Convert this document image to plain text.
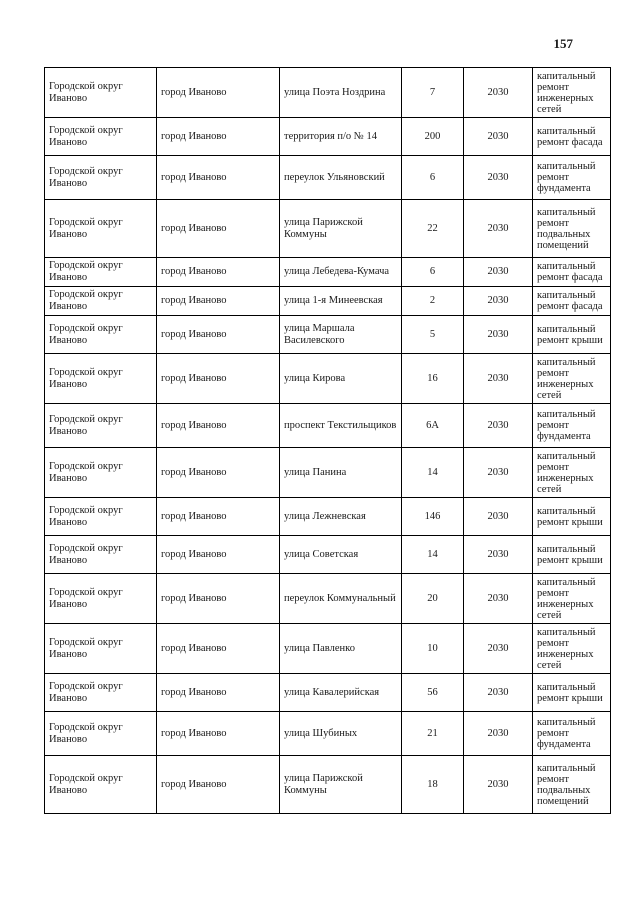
157
Городской округ Иваново	город Иваново	улица Поэта Ноздрина	7	2030	капитальный ремонт инженерных сетей
Городской округ Иваново	город Иваново	территория п/о № 14	200	2030	капитальный ремонт фасада
Городской округ Иваново	город Иваново	переулок Ульяновский	6	2030	капитальный ремонт фундамента
Городской округ Иваново	город Иваново	улица Парижской Коммуны	22	2030	капитальный ремонт подвальных помещений
Городской округ Иваново	город Иваново	улица Лебедева-Кумача	6	2030	капитальный ремонт фасада
Городской округ Иваново	город Иваново	улица 1-я Минеевская	2	2030	капитальный ремонт фасада
Городской округ Иваново	город Иваново	улица Маршала Василевского	5	2030	капитальный ремонт крыши
Городской округ Иваново	город Иваново	улица Кирова	16	2030	капитальный ремонт инженерных сетей
Городской округ Иваново	город Иваново	проспект Текстильщиков	6А	2030	капитальный ремонт фундамента
Городской округ Иваново	город Иваново	улица Панина	14	2030	капитальный ремонт инженерных сетей
Городской округ Иваново	город Иваново	улица Лежневская	146	2030	капитальный ремонт крыши
Городской округ Иваново	город Иваново	улица Советская	14	2030	капитальный ремонт крыши
Городской округ Иваново	город Иваново	переулок Коммунальный	20	2030	капитальный ремонт инженерных сетей
Городской округ Иваново	город Иваново	улица Павленко	10	2030	капитальный ремонт инженерных сетей
Городской округ Иваново	город Иваново	улица Кавалерийская	56	2030	капитальный ремонт крыши
Городской округ Иваново	город Иваново	улица Шубиных	21	2030	капитальный ремонт фундамента
Городской округ Иваново	город Иваново	улица Парижской Коммуны	18	2030	капитальный ремонт подвальных помещений
